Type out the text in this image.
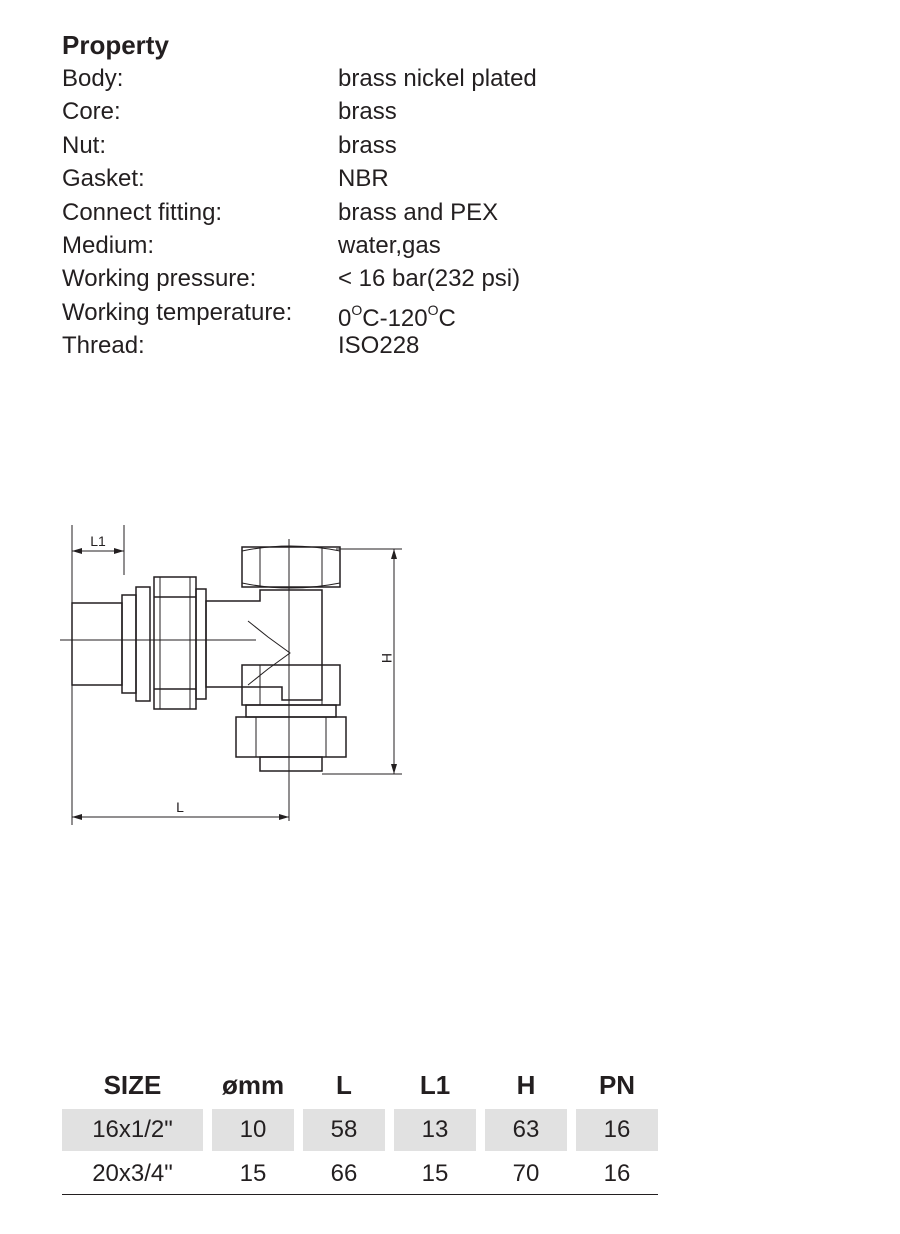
Property
Body:	brass nickel plated
Core:	brass
Nut:	brass
Gasket:	NBR
Connect fitting:	brass and PEX
Medium:	water,gas
Working pressure:	< 16 bar(232 psi)
Working temperature: $0^OC-120^OC$
Thread:	ISO228
L1
H
L
SIZE	ømm	L	L1	H	PN
16x1/2"	10	58	13	63	16
20x3/4"	15	66	15	70	16
